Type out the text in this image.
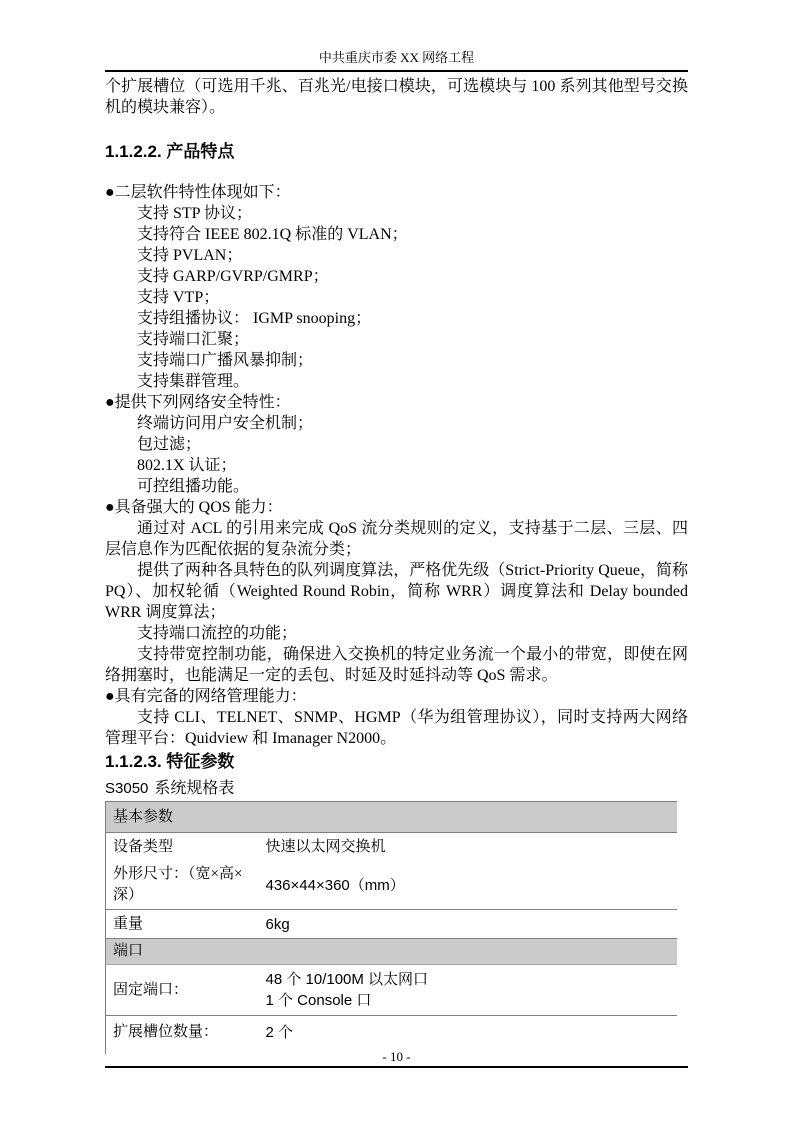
中共重庆市委 XX 网络工程

个扩展槽位（可选用千兆、百兆光/电接口模块，可选模块与 100 系列其他型号交换机的模块兼容）。

1.1.2.2. 产品特点
●二层软件特性体现如下：

支持 STP 协议；

支持符合 IEEE 802.1Q 标准的 VLAN；

支持 PVLAN；

支持 GARP/GVRP/GMRP；

支持 VTP；

支持组播协议： IGMP snooping；

支持端口汇聚；

支持端口广播风暴抑制；

支持集群管理。

●提供下列网络安全特性：

终端访问用户安全机制；

包过滤；

802.1X 认证；

可控组播功能。

●具备强大的 QOS 能力：

通过对 ACL 的引用来完成 QoS 流分类规则的定义，支持基于二层、三层、四层信息作为匹配依据的复杂流分类；

提供了两种各具特色的队列调度算法，严格优先级（Strict-Priority Queue，简称 PQ）、加权轮循（Weighted Round Robin，简称 WRR）调度算法和 Delay bounded WRR 调度算法；

支持端口流控的功能；

支持带宽控制功能，确保进入交换机的特定业务流一个最小的带宽，即使在网络拥塞时，也能满足一定的丢包、时延及时延抖动等 QoS 需求。

●具有完备的网络管理能力：

支持 CLI、TELNET、SNMP、HGMP（华为组管理协议），同时支持两大网络管理平台：Quidview 和 Imanager N2000。

1.1.2.3. 特征参数
S3050 系统规格表
基本参数	
设备类型	快速以太网交换机
外形尺寸：（宽×高×深）	436×44×360（mm）
重量	6kg
端口	
固定端口：	48 个 10/100M 以太网口
1 个 Console 口

扩展槽位数量：	2 个
- 10 -
